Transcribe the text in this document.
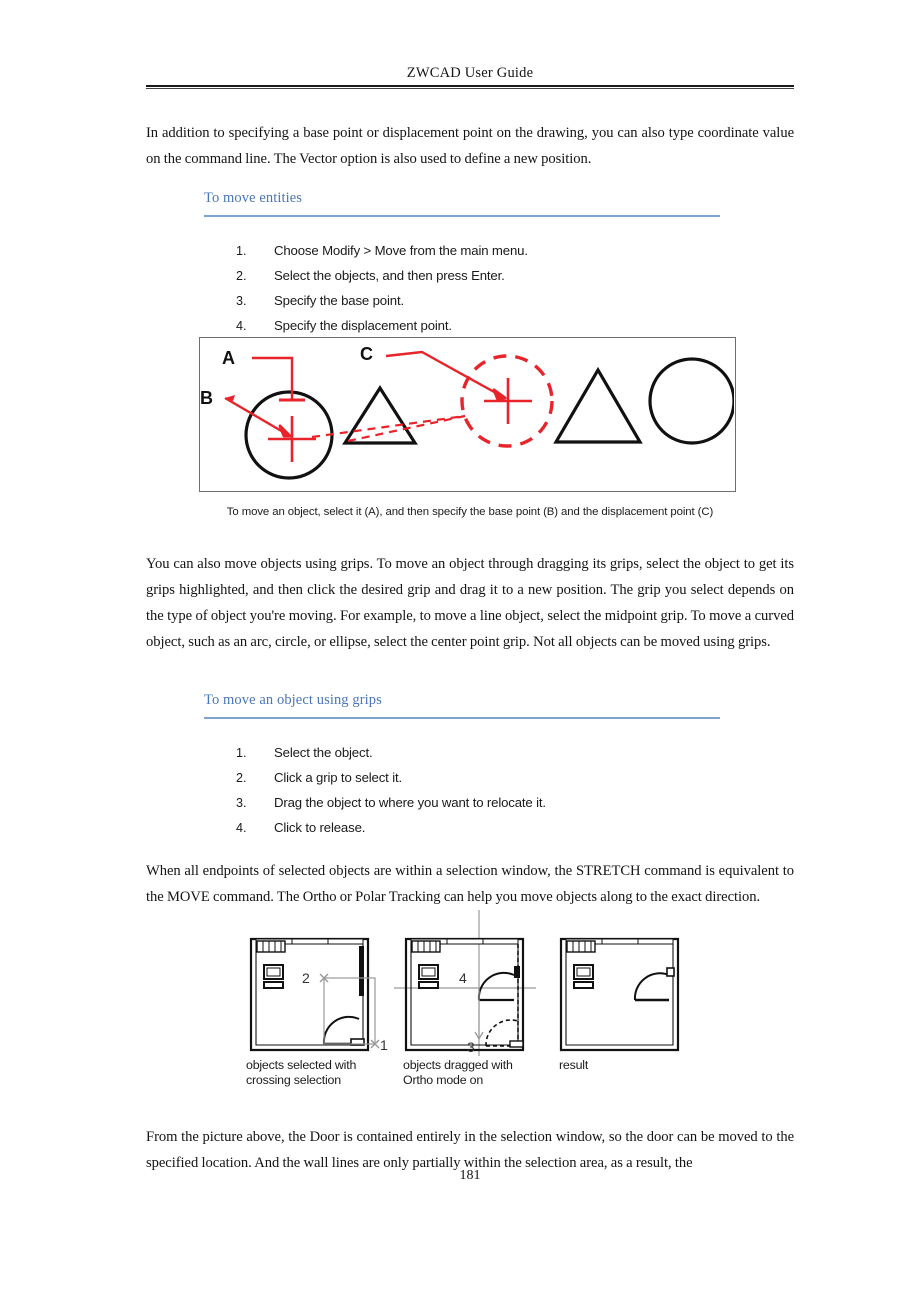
ZWCAD User Guide
In addition to specifying a base point or displacement point on the drawing, you can also type coordinate value on the command line. The Vector option is also used to define a new position.
To move entities
1.	Choose Modify > Move from the main menu.
2.	Select the objects, and then press Enter.
3.	Specify the base point.
4.	Specify the displacement point.
A
B
C
To move an object, select it (A), and then specify the base point (B) and the displacement point (C)
You can also move objects using grips. To move an object through dragging its grips, select the object to get its grips highlighted, and then click the desired grip and drag it to a new position. The grip you select depends on the type of object you're moving. For example, to move a line object, select the midpoint grip. To move a curved object, such as an arc, circle, or ellipse, select the center point grip. Not all objects can be moved using grips.
To move an object using grips
1.	Select the object.
2.	Click a grip to select it.
3.	Drag the object to where you want to relocate it.
4.	Click to release.
When all endpoints of selected objects are within a selection window, the STRETCH command is equivalent to the MOVE command. The Ortho or Polar Tracking can help you move objects along to the exact direction.
2
1
4
3
objects selected with
crossing selection
objects dragged with
Ortho mode on
result
From the picture above, the Door is contained entirely in the selection window, so the door can be moved to the specified location. And the wall lines are only partially within the selection area, as a result, the
181
